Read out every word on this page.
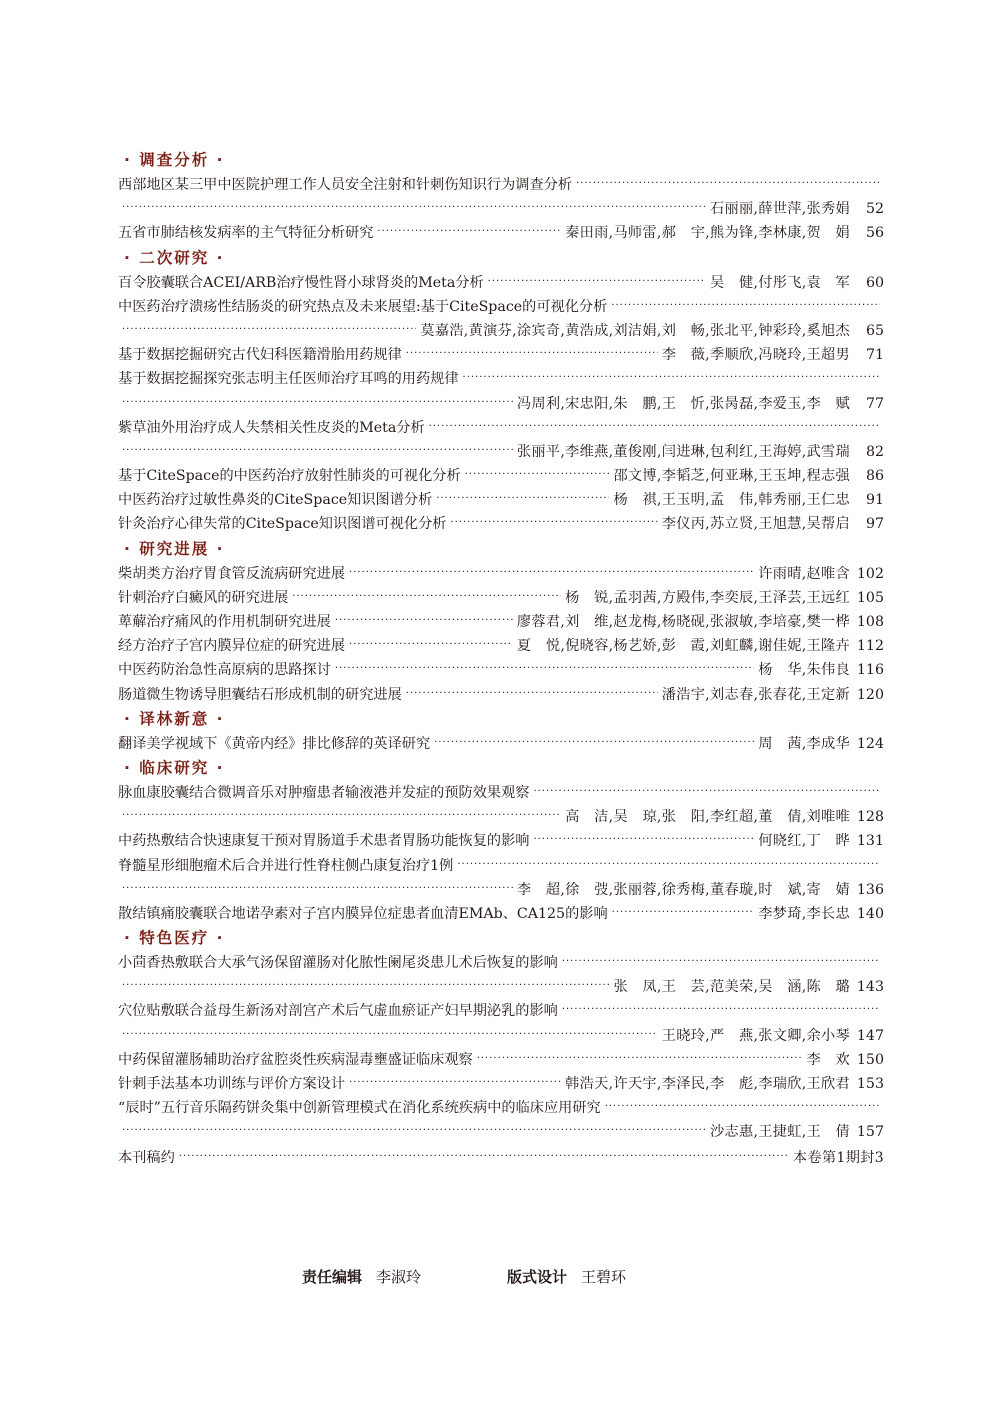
· 调查分析 ·
西部地区某三甲中医院护理工作人员安全注射和针刺伤知识行为调查分析
·····
·····
石丽丽,薛世萍,张秀娟	52
五省市肺结核发病率的主气特征分析研究 ·····	秦田雨,马师雷,郝　宇,熊为锋,李林康,贺　娟	56
· 二次研究 ·
百令胶囊联合ACEI/ARB治疗慢性肾小球肾炎的Meta分析 ·····	吴　健,付彤飞,袁　军	60
中医药治疗溃疡性结肠炎的研究热点及未来展望:基于CiteSpace的可视化分析
·····
·····
莫嘉浩,黄演芬,涂宾奇,黄浩成,刘洁娟,刘　畅,张北平,钟彩玲,奚旭杰	65
基于数据挖掘研究古代妇科医籍滑胎用药规律 ·····	李　薇,季顺欣,冯晓玲,王超男	71
基于数据挖掘探究张志明主任医师治疗耳鸣的用药规律
·····
·····
冯周利,宋忠阳,朱　鹏,王　忻,张昺磊,李爱玉,李　赋	77
紫草油外用治疗成人失禁相关性皮炎的Meta分析
·····
·····
张丽平,李维燕,董俊刚,闫进琳,包利红,王海婷,武雪瑞	82
基于CiteSpace的中医药治疗放射性肺炎的可视化分析 ·····	邵文博,李韬芝,何亚琳,王玉坤,程志强	86
中医药治疗过敏性鼻炎的CiteSpace知识图谱分析 ·····	杨　祺,王玉明,孟　伟,韩秀丽,王仁忠	91
针灸治疗心律失常的CiteSpace知识图谱可视化分析 ·····	李仪丙,苏立贤,王旭慧,吴帮启	97
· 研究进展 ·
柴胡类方治疗胃食管反流病研究进展 ·····	许雨晴,赵唯含 102
针刺治疗白癜风的研究进展 ·····	杨　锐,孟羽茜,方殿伟,李奕辰,王泽芸,王远红 105
萆薢治疗痛风的作用机制研究进展 ·····	廖蓉君,刘　维,赵龙梅,杨晓砚,张淑敏,李培豪,樊一桦 108
经方治疗子宫内膜异位症的研究进展 ·····	夏　悦,倪晓容,杨艺娇,彭　霞,刘虹麟,谢佳妮,王隆卉 112
中医药防治急性高原病的思路探讨 ·····	杨　华,朱伟良 116
肠道微生物诱导胆囊结石形成机制的研究进展 ·····	潘浩宇,刘志春,张春花,王定新 120
· 译林新意 ·
翻译美学视域下《黄帝内经》排比修辞的英译研究 ·····	周　茜,李成华 124
· 临床研究 ·
脉血康胶囊结合微调音乐对肿瘤患者输液港并发症的预防效果观察
·····
·····
高　洁,吴　琼,张　阳,李红超,董　倩,刘唯唯 128
中药热敷结合快速康复干预对胃肠道手术患者胃肠功能恢复的影响 ·····	何晓红,丁　晔 131
脊髓星形细胞瘤术后合并进行性脊柱侧凸康复治疗1例
·····
·····
李　超,徐　弢,张丽蓉,徐秀梅,董春璇,时　斌,寄　婧 136
散结镇痛胶囊联合地诺孕素对子宫内膜异位症患者血清EMAb、CA125的影响 ·····	李梦琦,李长忠 140
· 特色医疗 ·
小茴香热敷联合大承气汤保留灌肠对化脓性阑尾炎患儿术后恢复的影响
·····
·····
张　凤,王　芸,范美荣,吴　涵,陈　璐 143
穴位贴敷联合益母生新汤对剖宫产术后气虚血瘀证产妇早期泌乳的影响
·····
·····
王晓玲,严　燕,张文卿,余小琴 147
中药保留灌肠辅助治疗盆腔炎性疾病湿毒壅盛证临床观察 ·····	李　欢 150
针刺手法基本功训练与评价方案设计 ·····	韩浩天,许天宇,李泽民,李　彪,李瑞欣,王欣君 153
“辰时”五行音乐隔药饼灸集中创新管理模式在消化系统疾病中的临床应用研究
·····
·····
沙志惠,王捷虹,王　倩 157
本刊稿约 ·····	本卷第1期封3
责任编辑 李淑玲	版式设计 王碧环
